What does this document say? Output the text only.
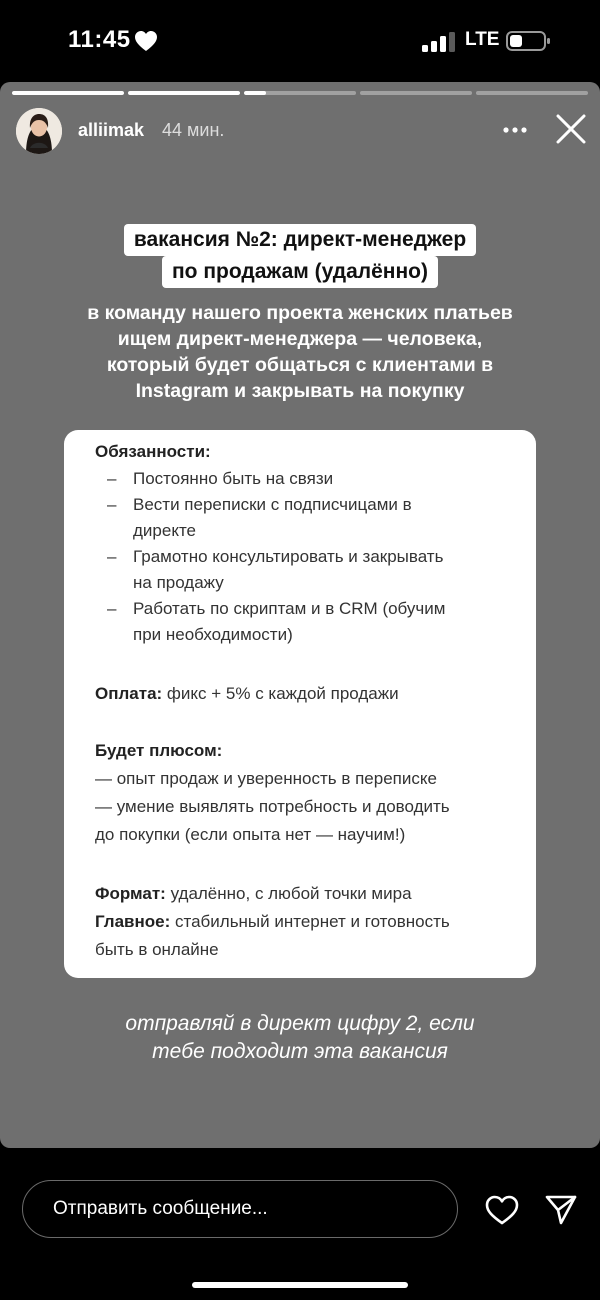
11:45	LTE
alliimak 44 мин.
вакансия №2: директ-менеджер
по продажам (удалённо)
в команду нашего проекта женских платьев
ищем директ-менеджера — человека,
который будет общаться с клиентами в
Instagram и закрывать на покупку
Обязанности:
– Постоянно быть на связи
– Вести переписки с подписчицами в
директе
– Грамотно консультировать и закрывать
на продажу
– Работать по скриптам и в CRM (обучим
при необходимости)
Оплата: фикс + 5% с каждой продажи
Будет плюсом:
— опыт продаж и уверенность в переписке
— умение выявлять потребность и доводить
до покупки (если опыта нет — научим!)
Формат: удалённо, с любой точки мира
Главное: стабильный интернет и готовность
быть в онлайне
отправляй в директ цифру 2, если
тебе подходит эта вакансия
Отправить сообщение...
